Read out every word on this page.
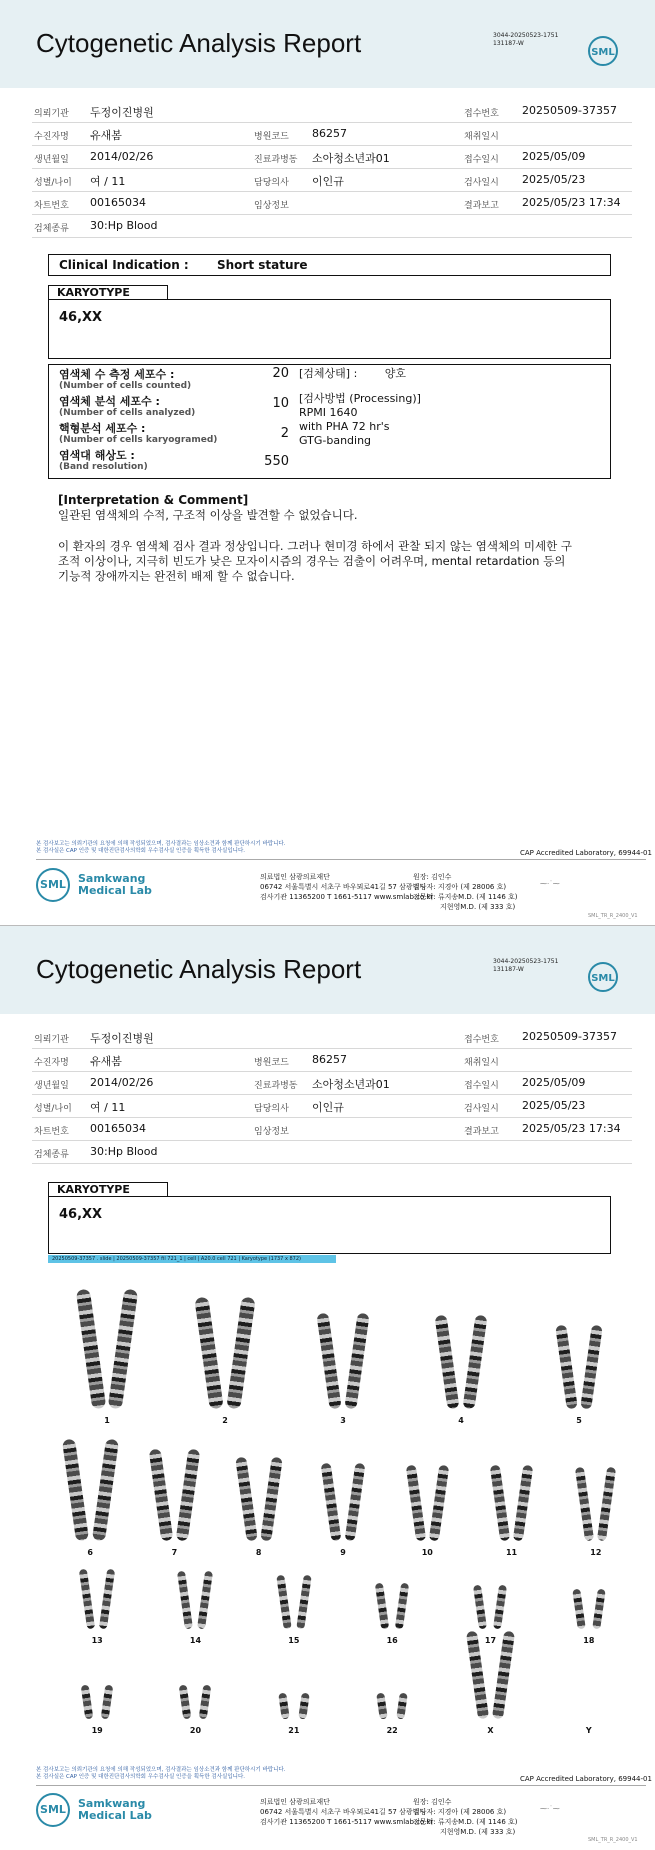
Cytogenetic Analysis Report	3044-20250523-1751
131187-W
SML
의뢰기관 두정이진병원	접수번호 20250509-37357
수진자명 유새봄	병원코드 86257	채취일시
생년월일 2014/02/26	진료과병동 소아청소년과01	접수일시 2025/05/09
성별/나이 여 / 11	담당의사 이인규	검사일시 2025/05/23
차트번호 00165034	임상정보	결과보고 2025/05/23 17:34
검체종류 30:Hp Blood
Clinical Indication : Short stature
KARYOTYPE
46,XX
염색체 수 측정 세포수 :
(Number of cells counted)
20
염색체 분석 세포수 :
(Number of cells analyzed)
10
핵형분석 세포수 :
(Number of cells karyogramed)	2
염색대 해상도 :
(Band resolution)	550
[검체상태] :	양호
[검사방법 (Processing)]
RPMI 1640
with PHA 72 hr's
GTG-banding
[Interpretation & Comment]

일관된 염색체의 수적, 구조적 이상을 발견할 수 없었습니다.

이 환자의 경우 염색체 검사 결과 정상입니다. 그러나 현미경 하에서 관찰 되지 않는 염색체의 미세한 구조적 이상이나, 지극히 빈도가 낮은 모자이시즘의 경우는 검출이 어려우며, mental retardation 등의 기능적 장애까지는 완전히 배제 할 수 없습니다.

본 검사보고는 의뢰기관의 요청에 의해 작성되었으며, 검사결과는 임상소견과 함께 판단하시기 바랍니다.
본 검사실은 CAP 인증 및 대한진단검사의학회 우수검사실 인증을 획득한 검사실입니다.	CAP Accredited Laboratory, 69944-01
SML	Samkwang
Medical Lab
의료법인 삼광의료재단
06742 서울특별시 서초구 바우뫼로41길 57 삼광빌딩
검사기관 11365200 T 1661-5117 www.smlab.co.kr
원장: 김인수
검사자: 지경아 (제 28006 호)
전문의: 류지송M.D. (제 1146 호)
지현영M.D. (제 333 호)
⁓·˙⁓
SML_TR_R_2400_V1
Cytogenetic Analysis Report	3044-20250523-1751
131187-W
SML
의뢰기관 두정이진병원	접수번호 20250509-37357
수진자명 유새봄	병원코드 86257	채취일시
생년월일 2014/02/26	진료과병동 소아청소년과01	접수일시 2025/05/09
성별/나이 여 / 11	담당의사 이인규	검사일시 2025/05/23
차트번호 00165034	임상정보	결과보고 2025/05/23 17:34
검체종류 30:Hp Blood
KARYOTYPE
46,XX
20250509-37357 . slide | 20250509-37357 fil 721_1 | cell | A20.0 cell 721 | Karyotype (1737 x 872)
1	2	3	4	5
6	7	8	9	10	11	12
13	14	15	16	17	18
19	20	21	22	X	Y
본 검사보고는 의뢰기관의 요청에 의해 작성되었으며, 검사결과는 임상소견과 함께 판단하시기 바랍니다.
본 검사실은 CAP 인증 및 대한진단검사의학회 우수검사실 인증을 획득한 검사실입니다.	CAP Accredited Laboratory, 69944-01
SML	Samkwang
Medical Lab
의료법인 삼광의료재단
06742 서울특별시 서초구 바우뫼로41길 57 삼광빌딩
검사기관 11365200 T 1661-5117 www.smlab.co.kr
원장: 김인수
검사자: 지경아 (제 28006 호)
전문의: 류지송M.D. (제 1146 호)
지현영M.D. (제 333 호)
⁓·˙⁓
SML_TR_R_2400_V1
